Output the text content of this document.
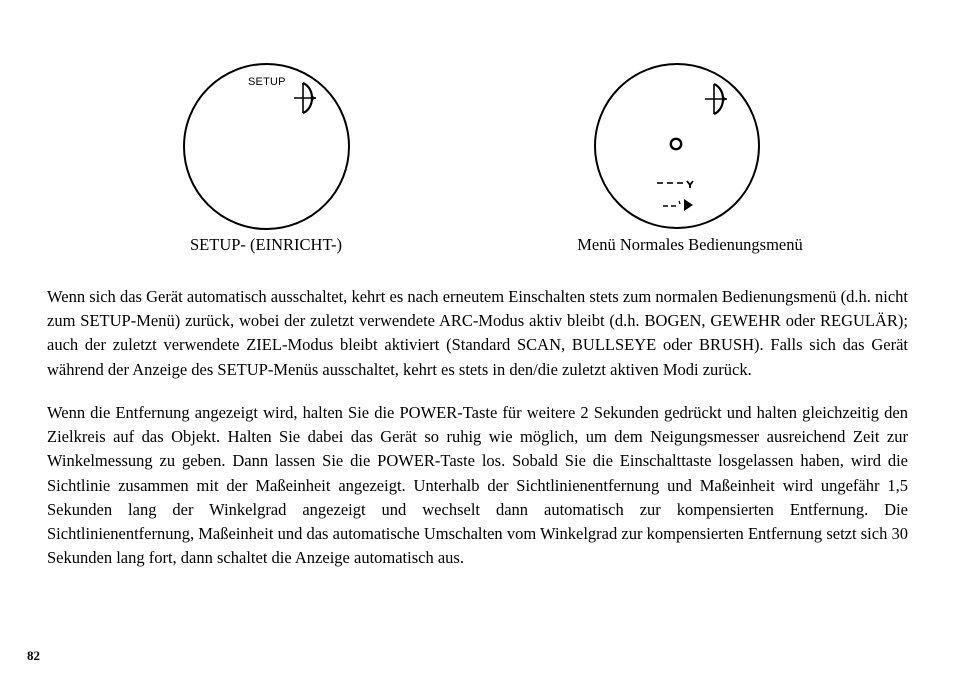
SETUP
SETUP- (EINRICHT-)	Menü Normales Bedienungsmenü

Wenn sich das Gerät automatisch ausschaltet, kehrt es nach erneutem Einschalten stets zum normalen Bedienungsmenü (d.h. nicht zum SETUP-Menü) zurück, wobei der zuletzt verwendete ARC-Modus aktiv bleibt (d.h. BOGEN, GEWEHR oder REGULÄR); auch der zuletzt verwendete ZIEL-Modus bleibt aktiviert (Standard SCAN, BULLSEYE oder BRUSH). Falls sich das Gerät während der Anzeige des SETUP-Menüs ausschaltet, kehrt es stets in den/die zuletzt aktiven Modi zurück.

Wenn die Entfernung angezeigt wird, halten Sie die POWER-Taste für weitere 2 Sekunden gedrückt und halten gleichzeitig den Zielkreis auf das Objekt. Halten Sie dabei das Gerät so ruhig wie möglich, um dem Neigungsmesser ausreichend Zeit zur Winkelmessung zu geben. Dann lassen Sie die POWER-Taste los. Sobald Sie die Einschalttaste losgelassen haben, wird die Sichtlinie zusammen mit der Maßeinheit angezeigt. Unterhalb der Sichtlinienentfernung und Maßeinheit wird ungefähr 1,5 Sekunden lang der Winkelgrad angezeigt und wechselt dann automatisch zur kompensierten Entfernung. Die Sichtlinienentfernung, Maßeinheit und das automatische Umschalten vom Winkelgrad zur kompensierten Entfernung setzt sich 30 Sekunden lang fort, dann schaltet die Anzeige automatisch aus.

82
